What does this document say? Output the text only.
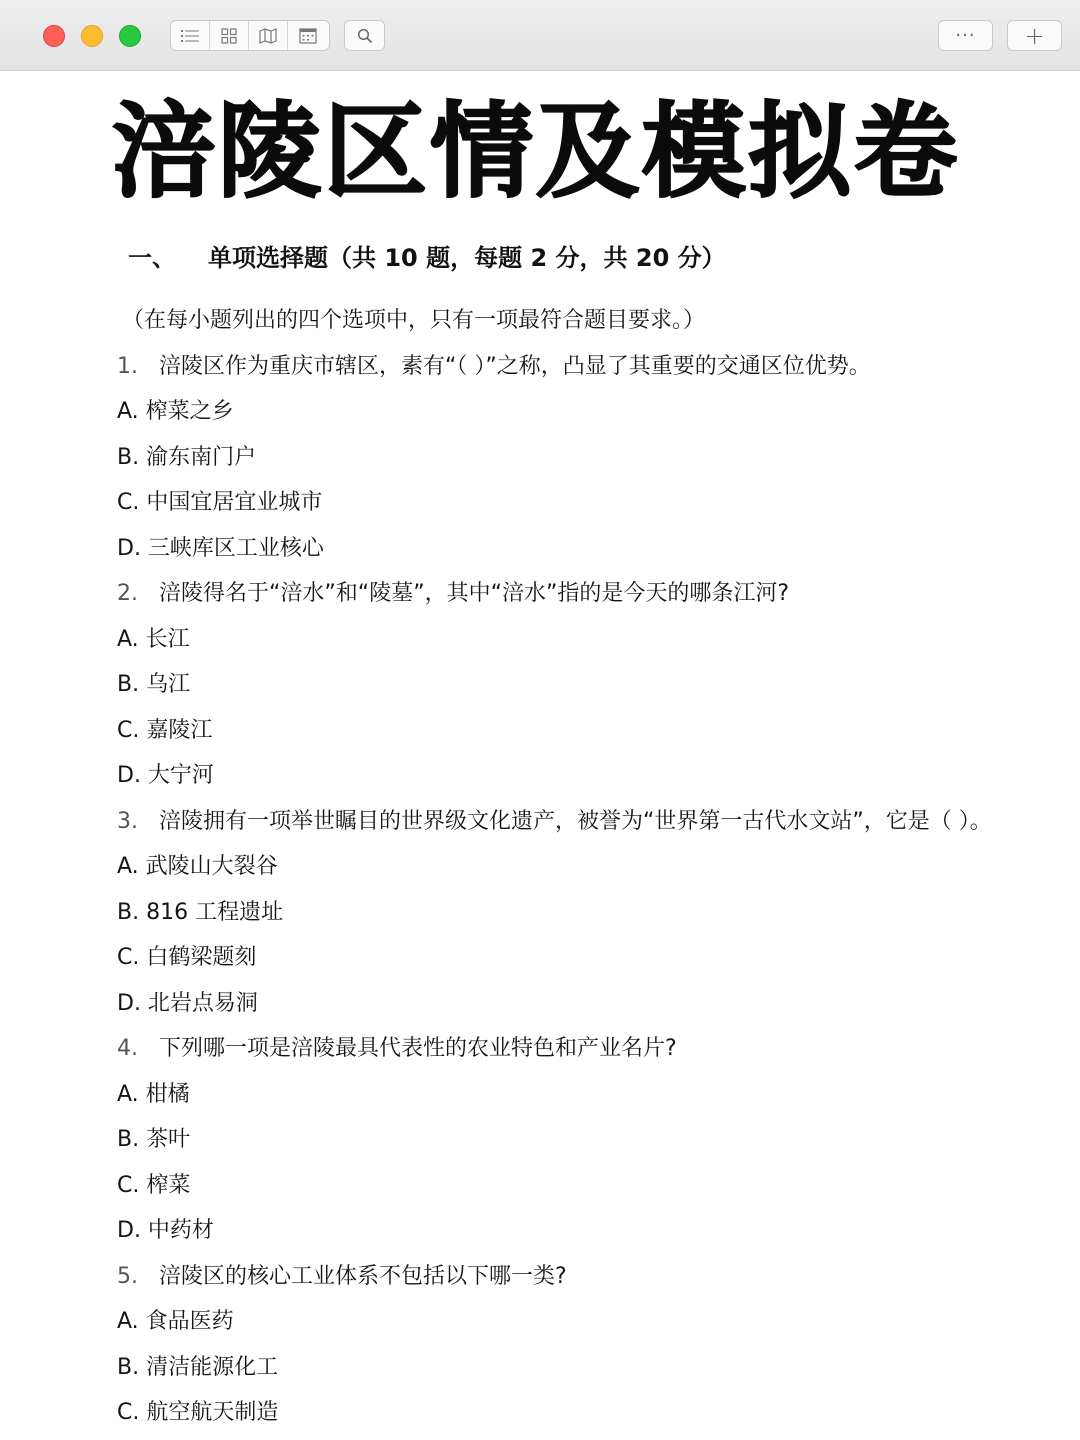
··· +
涪陵区情及模拟卷
一、 单项选择题（共 10 题，每题 2 分，共 20 分）
（在每小题列出的四个选项中，只有一项最符合题目要求。）
1. 涪陵区作为重庆市辖区，素有“（ ）”之称，凸显了其重要的交通区位优势。
A. 榨菜之乡
B. 渝东南门户
C. 中国宜居宜业城市
D. 三峡库区工业核心
2. 涪陵得名于“涪水”和“陵墓”，其中“涪水”指的是今天的哪条江河?
A. 长江
B. 乌江
C. 嘉陵江
D. 大宁河
3. 涪陵拥有一项举世瞩目的世界级文化遗产，被誉为“世界第一古代水文站”，它是（ ）。
A. 武陵山大裂谷
B. 816 工程遗址
C. 白鹤梁题刻
D. 北岩点易洞
4. 下列哪一项是涪陵最具代表性的农业特色和产业名片?
A. 柑橘
B. 茶叶
C. 榨菜
D. 中药材
5. 涪陵区的核心工业体系不包括以下哪一类?
A. 食品医药
B. 清洁能源化工
C. 航空航天制造
